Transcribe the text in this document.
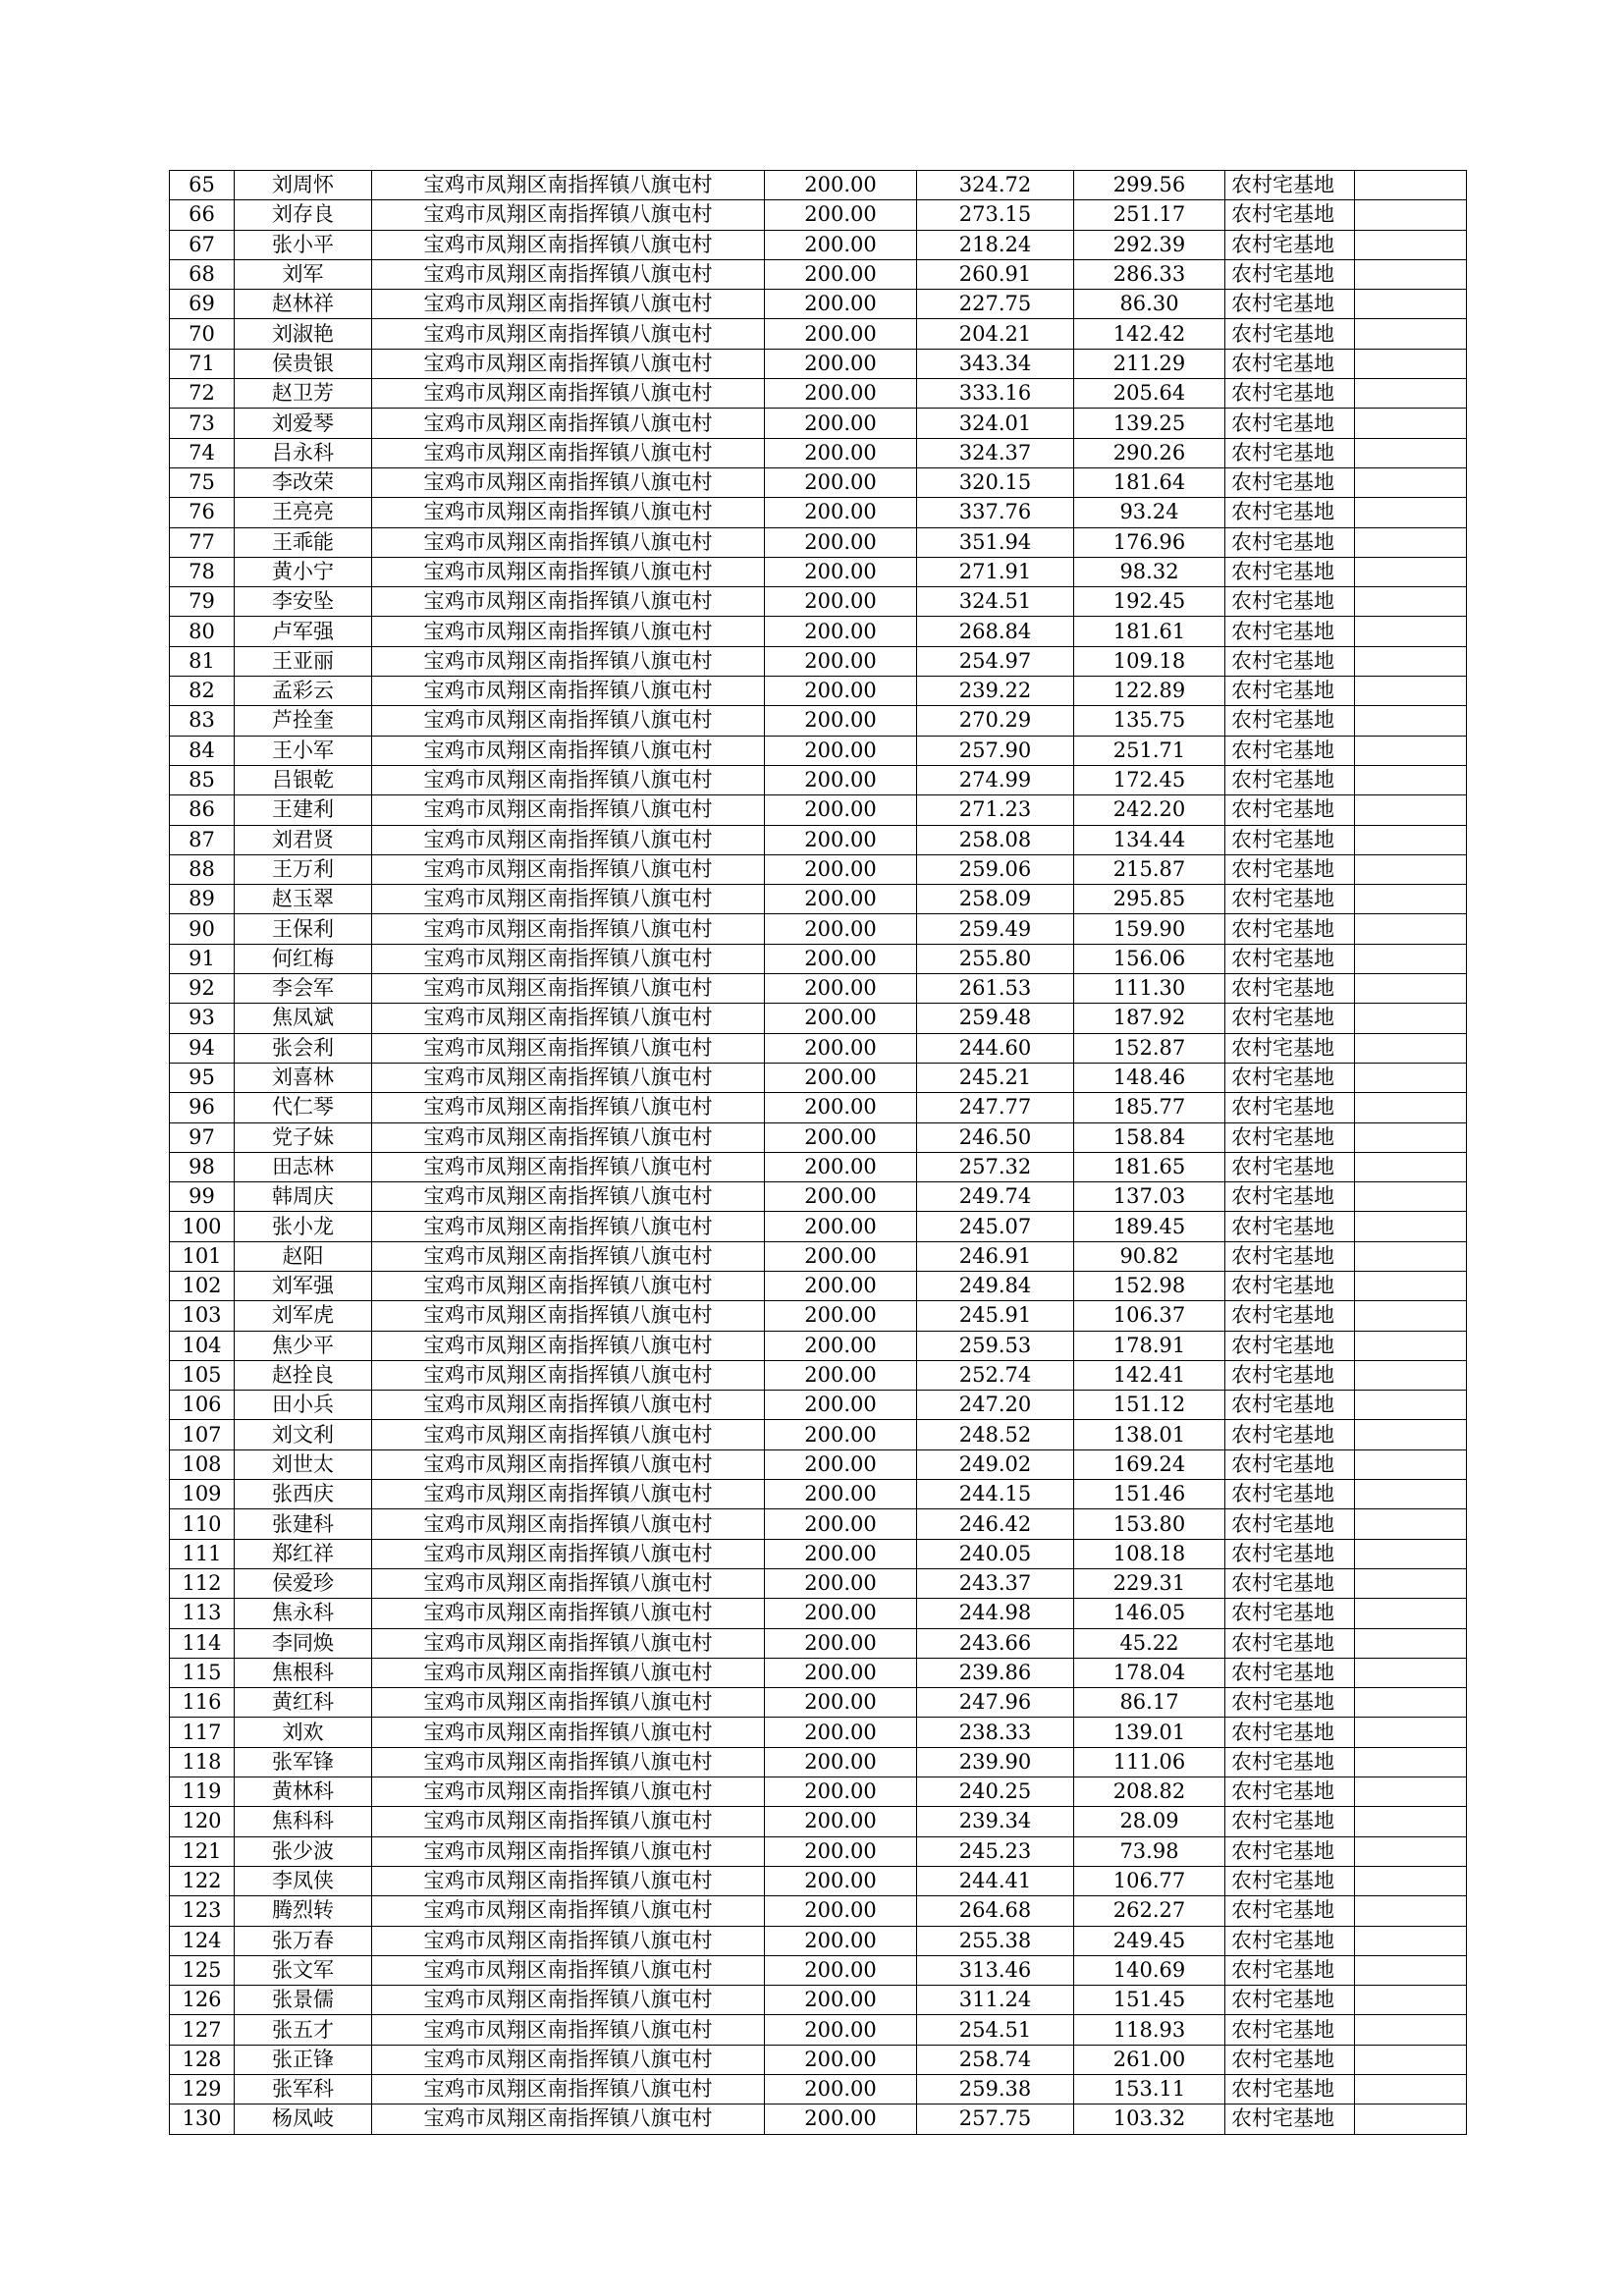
65	刘周怀	宝鸡市凤翔区南指挥镇八旗屯村	200.00	324.72	299.56	农村宅基地	
66	刘存良	宝鸡市凤翔区南指挥镇八旗屯村	200.00	273.15	251.17	农村宅基地	
67	张小平	宝鸡市凤翔区南指挥镇八旗屯村	200.00	218.24	292.39	农村宅基地	
68	刘军	宝鸡市凤翔区南指挥镇八旗屯村	200.00	260.91	286.33	农村宅基地	
69	赵林祥	宝鸡市凤翔区南指挥镇八旗屯村	200.00	227.75	86.30	农村宅基地	
70	刘淑艳	宝鸡市凤翔区南指挥镇八旗屯村	200.00	204.21	142.42	农村宅基地	
71	侯贵银	宝鸡市凤翔区南指挥镇八旗屯村	200.00	343.34	211.29	农村宅基地	
72	赵卫芳	宝鸡市凤翔区南指挥镇八旗屯村	200.00	333.16	205.64	农村宅基地	
73	刘爱琴	宝鸡市凤翔区南指挥镇八旗屯村	200.00	324.01	139.25	农村宅基地	
74	吕永科	宝鸡市凤翔区南指挥镇八旗屯村	200.00	324.37	290.26	农村宅基地	
75	李改荣	宝鸡市凤翔区南指挥镇八旗屯村	200.00	320.15	181.64	农村宅基地	
76	王亮亮	宝鸡市凤翔区南指挥镇八旗屯村	200.00	337.76	93.24	农村宅基地	
77	王乖能	宝鸡市凤翔区南指挥镇八旗屯村	200.00	351.94	176.96	农村宅基地	
78	黄小宁	宝鸡市凤翔区南指挥镇八旗屯村	200.00	271.91	98.32	农村宅基地	
79	李安坠	宝鸡市凤翔区南指挥镇八旗屯村	200.00	324.51	192.45	农村宅基地	
80	卢军强	宝鸡市凤翔区南指挥镇八旗屯村	200.00	268.84	181.61	农村宅基地	
81	王亚丽	宝鸡市凤翔区南指挥镇八旗屯村	200.00	254.97	109.18	农村宅基地	
82	孟彩云	宝鸡市凤翔区南指挥镇八旗屯村	200.00	239.22	122.89	农村宅基地	
83	芦拴奎	宝鸡市凤翔区南指挥镇八旗屯村	200.00	270.29	135.75	农村宅基地	
84	王小军	宝鸡市凤翔区南指挥镇八旗屯村	200.00	257.90	251.71	农村宅基地	
85	吕银乾	宝鸡市凤翔区南指挥镇八旗屯村	200.00	274.99	172.45	农村宅基地	
86	王建利	宝鸡市凤翔区南指挥镇八旗屯村	200.00	271.23	242.20	农村宅基地	
87	刘君贤	宝鸡市凤翔区南指挥镇八旗屯村	200.00	258.08	134.44	农村宅基地	
88	王万利	宝鸡市凤翔区南指挥镇八旗屯村	200.00	259.06	215.87	农村宅基地	
89	赵玉翠	宝鸡市凤翔区南指挥镇八旗屯村	200.00	258.09	295.85	农村宅基地	
90	王保利	宝鸡市凤翔区南指挥镇八旗屯村	200.00	259.49	159.90	农村宅基地	
91	何红梅	宝鸡市凤翔区南指挥镇八旗屯村	200.00	255.80	156.06	农村宅基地	
92	李会军	宝鸡市凤翔区南指挥镇八旗屯村	200.00	261.53	111.30	农村宅基地	
93	焦凤斌	宝鸡市凤翔区南指挥镇八旗屯村	200.00	259.48	187.92	农村宅基地	
94	张会利	宝鸡市凤翔区南指挥镇八旗屯村	200.00	244.60	152.87	农村宅基地	
95	刘喜林	宝鸡市凤翔区南指挥镇八旗屯村	200.00	245.21	148.46	农村宅基地	
96	代仁琴	宝鸡市凤翔区南指挥镇八旗屯村	200.00	247.77	185.77	农村宅基地	
97	党子妹	宝鸡市凤翔区南指挥镇八旗屯村	200.00	246.50	158.84	农村宅基地	
98	田志林	宝鸡市凤翔区南指挥镇八旗屯村	200.00	257.32	181.65	农村宅基地	
99	韩周庆	宝鸡市凤翔区南指挥镇八旗屯村	200.00	249.74	137.03	农村宅基地	
100	张小龙	宝鸡市凤翔区南指挥镇八旗屯村	200.00	245.07	189.45	农村宅基地	
101	赵阳	宝鸡市凤翔区南指挥镇八旗屯村	200.00	246.91	90.82	农村宅基地	
102	刘军强	宝鸡市凤翔区南指挥镇八旗屯村	200.00	249.84	152.98	农村宅基地	
103	刘军虎	宝鸡市凤翔区南指挥镇八旗屯村	200.00	245.91	106.37	农村宅基地	
104	焦少平	宝鸡市凤翔区南指挥镇八旗屯村	200.00	259.53	178.91	农村宅基地	
105	赵拴良	宝鸡市凤翔区南指挥镇八旗屯村	200.00	252.74	142.41	农村宅基地	
106	田小兵	宝鸡市凤翔区南指挥镇八旗屯村	200.00	247.20	151.12	农村宅基地	
107	刘文利	宝鸡市凤翔区南指挥镇八旗屯村	200.00	248.52	138.01	农村宅基地	
108	刘世太	宝鸡市凤翔区南指挥镇八旗屯村	200.00	249.02	169.24	农村宅基地	
109	张西庆	宝鸡市凤翔区南指挥镇八旗屯村	200.00	244.15	151.46	农村宅基地	
110	张建科	宝鸡市凤翔区南指挥镇八旗屯村	200.00	246.42	153.80	农村宅基地	
111	郑红祥	宝鸡市凤翔区南指挥镇八旗屯村	200.00	240.05	108.18	农村宅基地	
112	侯爱珍	宝鸡市凤翔区南指挥镇八旗屯村	200.00	243.37	229.31	农村宅基地	
113	焦永科	宝鸡市凤翔区南指挥镇八旗屯村	200.00	244.98	146.05	农村宅基地	
114	李同焕	宝鸡市凤翔区南指挥镇八旗屯村	200.00	243.66	45.22	农村宅基地	
115	焦根科	宝鸡市凤翔区南指挥镇八旗屯村	200.00	239.86	178.04	农村宅基地	
116	黄红科	宝鸡市凤翔区南指挥镇八旗屯村	200.00	247.96	86.17	农村宅基地	
117	刘欢	宝鸡市凤翔区南指挥镇八旗屯村	200.00	238.33	139.01	农村宅基地	
118	张军锋	宝鸡市凤翔区南指挥镇八旗屯村	200.00	239.90	111.06	农村宅基地	
119	黄林科	宝鸡市凤翔区南指挥镇八旗屯村	200.00	240.25	208.82	农村宅基地	
120	焦科科	宝鸡市凤翔区南指挥镇八旗屯村	200.00	239.34	28.09	农村宅基地	
121	张少波	宝鸡市凤翔区南指挥镇八旗屯村	200.00	245.23	73.98	农村宅基地	
122	李凤侠	宝鸡市凤翔区南指挥镇八旗屯村	200.00	244.41	106.77	农村宅基地	
123	腾烈转	宝鸡市凤翔区南指挥镇八旗屯村	200.00	264.68	262.27	农村宅基地	
124	张万春	宝鸡市凤翔区南指挥镇八旗屯村	200.00	255.38	249.45	农村宅基地	
125	张文军	宝鸡市凤翔区南指挥镇八旗屯村	200.00	313.46	140.69	农村宅基地	
126	张景儒	宝鸡市凤翔区南指挥镇八旗屯村	200.00	311.24	151.45	农村宅基地	
127	张五才	宝鸡市凤翔区南指挥镇八旗屯村	200.00	254.51	118.93	农村宅基地	
128	张正锋	宝鸡市凤翔区南指挥镇八旗屯村	200.00	258.74	261.00	农村宅基地	
129	张军科	宝鸡市凤翔区南指挥镇八旗屯村	200.00	259.38	153.11	农村宅基地	
130	杨凤岐	宝鸡市凤翔区南指挥镇八旗屯村	200.00	257.75	103.32	农村宅基地	
